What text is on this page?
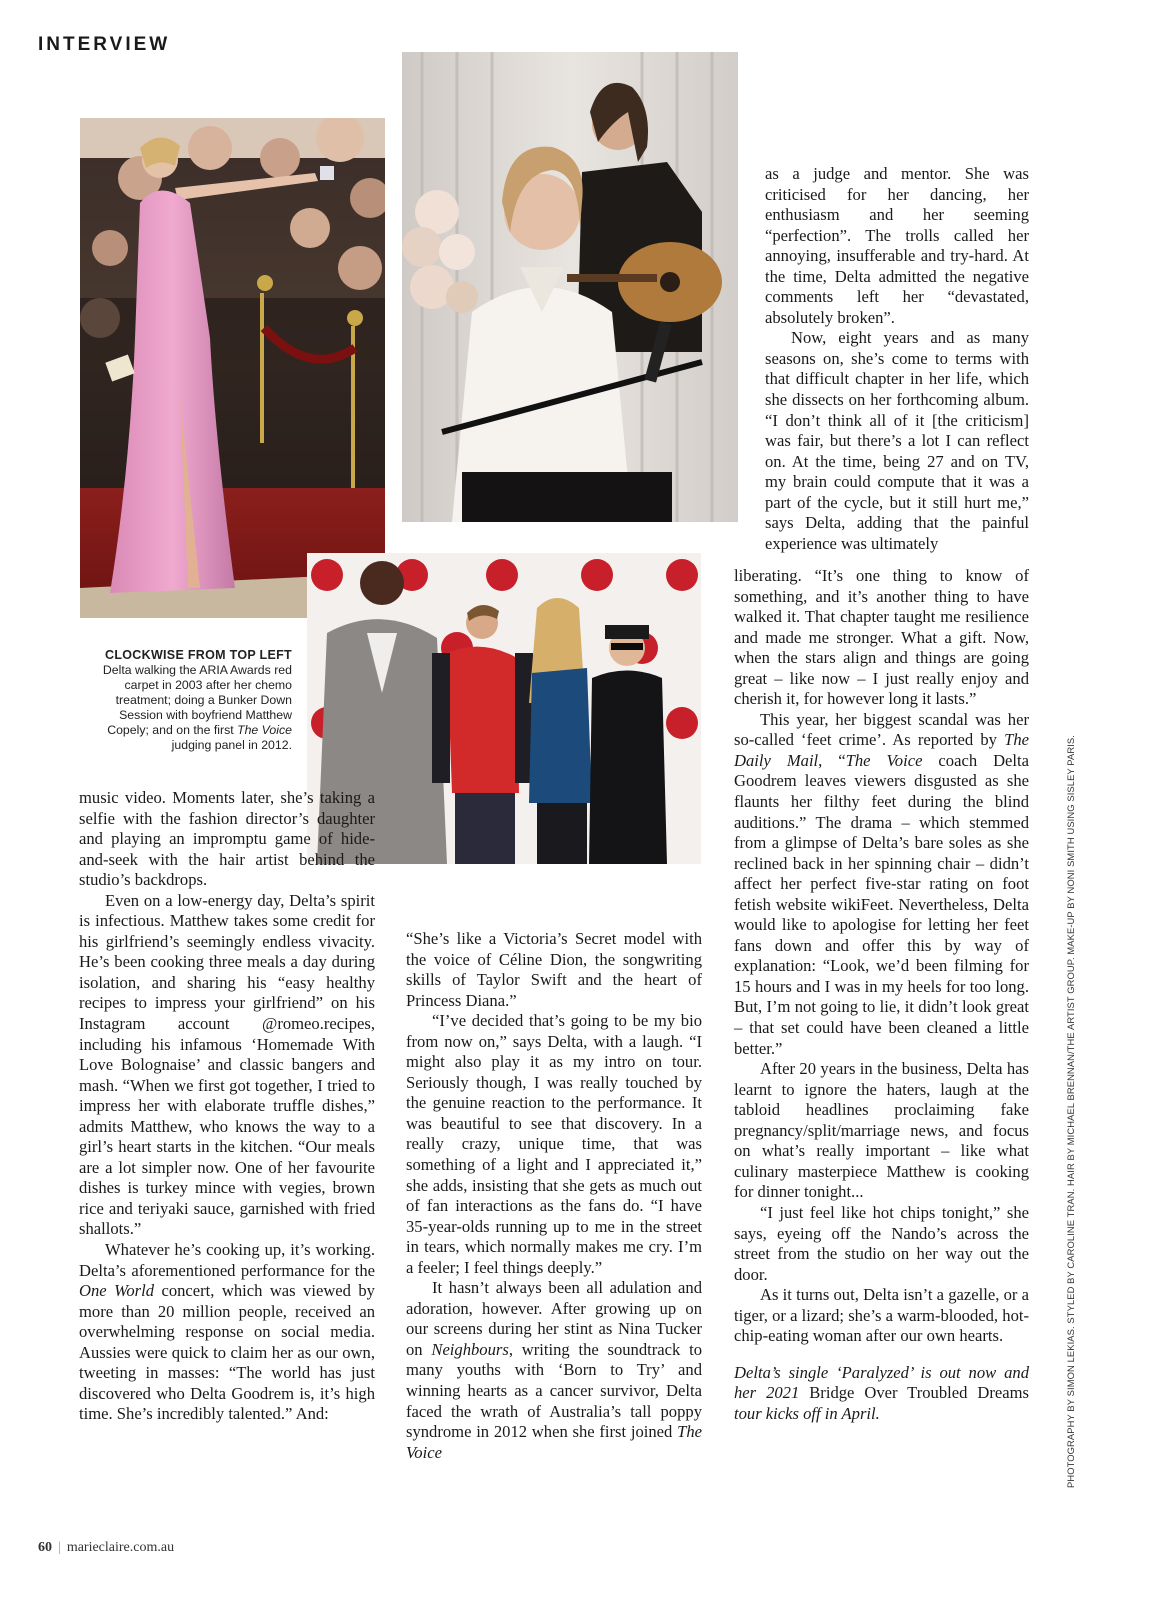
INTERVIEW
CLOCKWISE FROM TOP LEFT
Delta walking the ARIA Awards red carpet in 2003 after her chemo treatment; doing a Bunker Down Session with boyfriend Matthew Copely; and on the first The Voice judging panel in 2012.

music video. Moments later, she’s taking a selfie with the fashion director’s daughter and playing an impromptu game of hide-and-seek with the hair artist behind the studio’s backdrops.

Even on a low-energy day, Delta’s spirit is infectious. Matthew takes some credit for his girlfriend’s seemingly endless vivacity. He’s been cooking three meals a day during isolation, and sharing his “easy healthy recipes to impress your girlfriend” on his Instagram account @romeo.recipes, including his infamous ‘Homemade With Love Bolognaise’ and classic bangers and mash. “When we first got together, I tried to impress her with elaborate truffle dishes,” admits Matthew, who knows the way to a girl’s heart starts in the kitchen. “Our meals are a lot simpler now. One of her favourite dishes is turkey mince with vegies, brown rice and teriyaki sauce, garnished with fried shallots.”

Whatever he’s cooking up, it’s working. Delta’s aforementioned performance for the One World concert, which was viewed by more than 20 million people, received an overwhelming response on social media. Aussies were quick to claim her as our own, tweeting in masses: “The world has just discovered who Delta Goodrem is, it’s high time. She’s incredibly talented.” And:

“She’s like a Victoria’s Secret model with the voice of Céline Dion, the songwriting skills of Taylor Swift and the heart of Princess Diana.”

“I’ve decided that’s going to be my bio from now on,” says Delta, with a laugh. “I might also play it as my intro on tour. Seriously though, I was really touched by the genuine reaction to the performance. It was beautiful to see that discovery. In a really crazy, unique time, that was something of a light and I appreciated it,” she adds, insisting that she gets as much out of fan interactions as the fans do. “I have 35-year-olds running up to me in the street in tears, which normally makes me cry. I’m a feeler; I feel things deeply.”

It hasn’t always been all adulation and adoration, however. After growing up on our screens during her stint as Nina Tucker on Neighbours, writing the soundtrack to many youths with ‘Born to Try’ and winning hearts as a cancer survivor, Delta faced the wrath of Australia’s tall poppy syndrome in 2012 when she first joined The Voice

as a judge and mentor. She was criticised for her dancing, her enthusiasm and her seeming “perfection”. The trolls called her annoying, insufferable and try-hard. At the time, Delta admitted the negative comments left her “devastated, absolutely broken”.

Now, eight years and as many seasons on, she’s come to terms with that difficult chapter in her life, which she dissects on her forthcoming album. “I don’t think all of it [the criticism] was fair, but there’s a lot I can reflect on. At the time, being 27 and on TV, my brain could compute that it was a part of the cycle, but it still hurt me,” says Delta, adding that the painful experience was ultimately

liberating. “It’s one thing to know of something, and it’s another thing to have walked it. That chapter taught me resilience and made me stronger. What a gift. Now, when the stars align and things are going great – like now – I just really enjoy and cherish it, for however long it lasts.”

This year, her biggest scandal was her so-called ‘feet crime’. As reported by The Daily Mail, “The Voice coach Delta Goodrem leaves viewers disgusted as she flaunts her filthy feet during the blind auditions.” The drama – which stemmed from a glimpse of Delta’s bare soles as she reclined back in her spinning chair – didn’t affect her perfect five-star rating on foot fetish website wikiFeet. Nevertheless, Delta would like to apologise for letting her feet fans down and offer this by way of explanation: “Look, we’d been filming for 15 hours and I was in my heels for too long. But, I’m not going to lie, it didn’t look great – that set could have been cleaned a little better.”

After 20 years in the business, Delta has learnt to ignore the haters, laugh at the tabloid headlines proclaiming fake pregnancy/split/marriage news, and focus on what’s really important – like what culinary masterpiece Matthew is cooking for dinner tonight...

“I just feel like hot chips tonight,” she says, eyeing off the Nando’s across the street from the studio on her way out the door.

As it turns out, Delta isn’t a gazelle, or a tiger, or a lizard; she’s a warm-blooded, hot-chip-eating woman after our own hearts.

Delta’s single ‘Paralyzed’ is out now and her 2021 Bridge Over Troubled Dreams tour kicks off in April.	PHOTOGRAPHY BY SIMON LEKIAS. STYLED BY CAROLINE TRAN. HAIR BY MICHAEL BRENNAN/THE ARTIST GROUP. MAKE-UP BY NONI SMITH USING SISLEY PARIS.
60 | marieclaire.com.au
